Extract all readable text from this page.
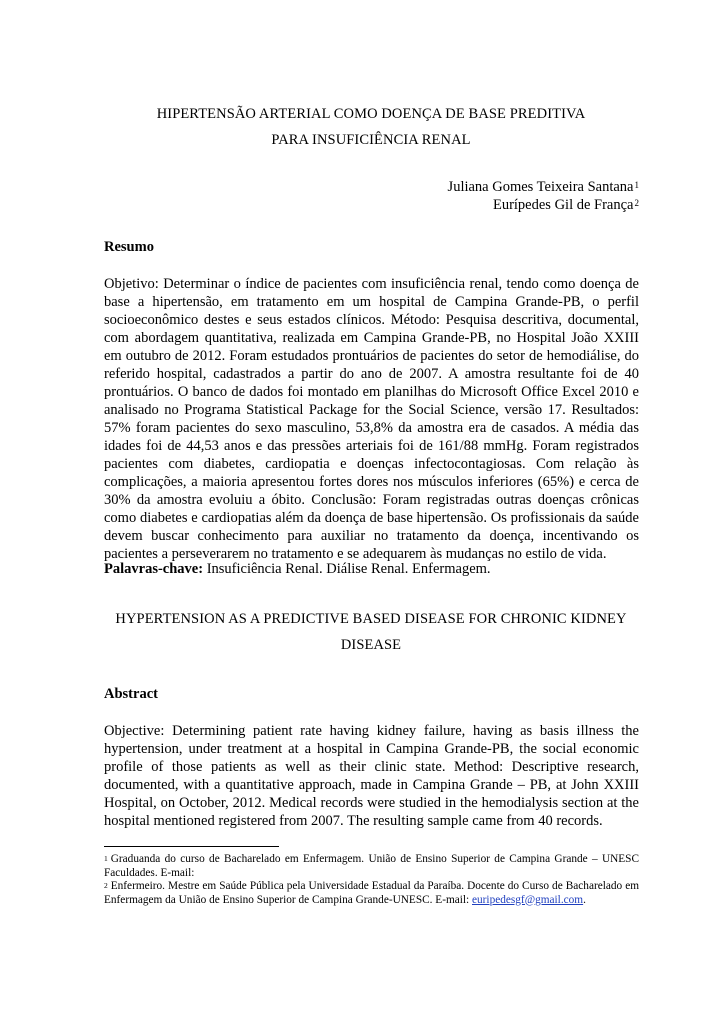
HIPERTENSÃO ARTERIAL COMO DOENÇA DE BASE PREDITIVA
PARA INSUFICIÊNCIA RENAL
Juliana Gomes Teixeira Santana$^1$
Eurípedes Gil de França$^2$
Resumo

Objetivo: Determinar o índice de pacientes com insuficiência renal, tendo como doença de base a hipertensão, em tratamento em um hospital de Campina Grande-PB, o perfil socioeconômico destes e seus estados clínicos. Método: Pesquisa descritiva, documental, com abordagem quantitativa, realizada em Campina Grande-PB, no Hospital João XXIII em outubro de 2012. Foram estudados prontuários de pacientes do setor de hemodiálise, do referido hospital, cadastrados a partir do ano de 2007. A amostra resultante foi de 40 prontuários. O banco de dados foi montado em planilhas do Microsoft Office Excel 2010 e analisado no Programa Statistical Package for the Social Science, versão 17. Resultados: 57% foram pacientes do sexo masculino, 53,8% da amostra era de casados. A média das idades foi de 44,53 anos e das pressões arteriais foi de 161/88 mmHg. Foram registrados pacientes com diabetes, cardiopatia e doenças infectocontagiosas. Com relação às complicações, a maioria apresentou fortes dores nos músculos inferiores (65%) e cerca de 30% da amostra evoluiu a óbito. Conclusão: Foram registradas outras doenças crônicas como diabetes e cardiopatias além da doença de base hipertensão. Os profissionais da saúde devem buscar conhecimento para auxiliar no tratamento da doença, incentivando os pacientes a perseverarem no tratamento e se adequarem às mudanças no estilo de vida.

Palavras-chave: Insuficiência Renal. Diálise Renal. Enfermagem.
HYPERTENSION AS A PREDICTIVE BASED DISEASE FOR CHRONIC KIDNEY
DISEASE
Abstract

Objective: Determining patient rate having kidney failure, having as basis illness the hypertension, under treatment at a hospital in Campina Grande-PB, the social economic profile of those patients as well as their clinic state. Method: Descriptive research, documented, with a quantitative approach, made in Campina Grande – PB, at John XXIII Hospital, on October, 2012. Medical records were studied in the hemodialysis section at the hospital mentioned registered from 2007. The resulting sample came from 40 records.

$^1$ Graduanda do curso de Bacharelado em Enfermagem. União de Ensino Superior de Campina Grande – UNESC Faculdades. E-mail:

$^2$ Enfermeiro. Mestre em Saúde Pública pela Universidade Estadual da Paraíba. Docente do Curso de Bacharelado em Enfermagem da União de Ensino Superior de Campina Grande-UNESC. E-mail: euripedesgf@gmail.com.
